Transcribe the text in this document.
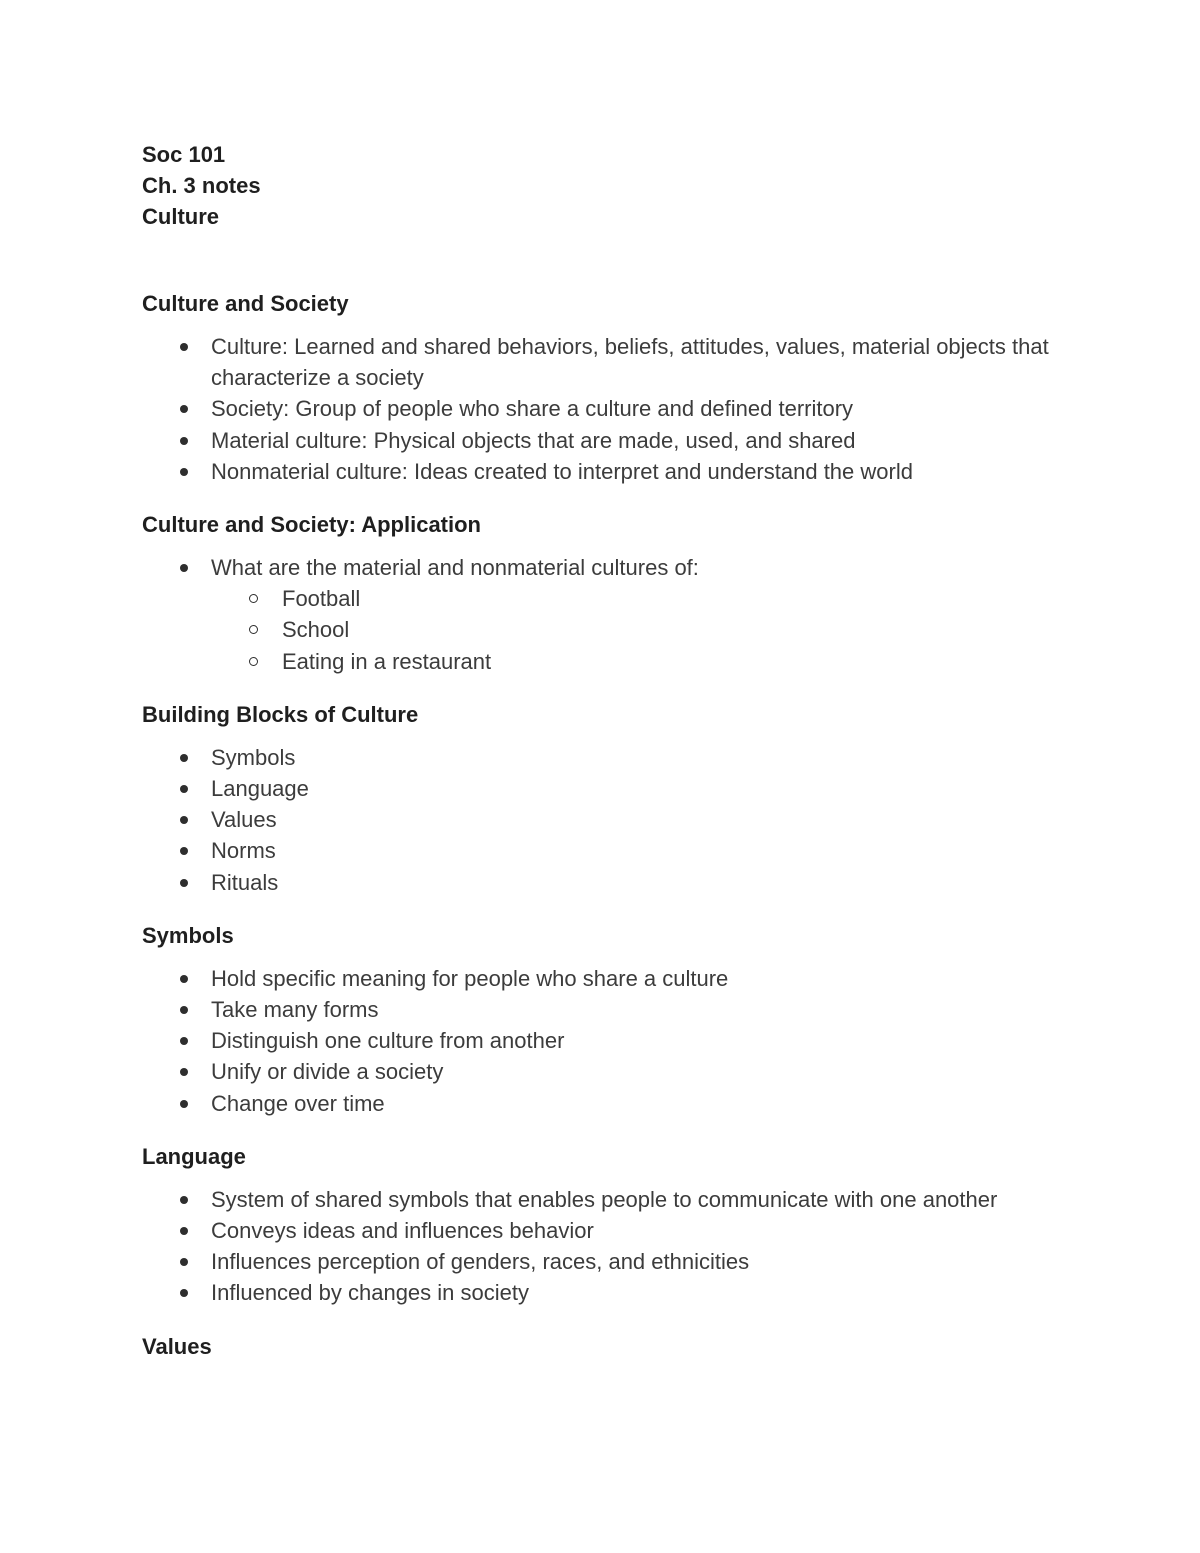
Soc 101

Ch. 3 notes

Culture

Culture and Society

Culture: Learned and shared behaviors, beliefs, attitudes, values, material objects that characterize a society
Society: Group of people who share a culture and defined territory
Material culture: Physical objects that are made, used, and shared
Nonmaterial culture: Ideas created to interpret and understand the world

Culture and Society: Application

What are the material and nonmaterial cultures of:
Football
School
Eating in a restaurant

Building Blocks of Culture

Symbols
Language
Values
Norms
Rituals

Symbols

Hold specific meaning for people who share a culture
Take many forms
Distinguish one culture from another
Unify or divide a society
Change over time

Language

System of shared symbols that enables people to communicate with one another
Conveys ideas and influences behavior
Influences perception of genders, races, and ethnicities
Influenced by changes in society

Values
